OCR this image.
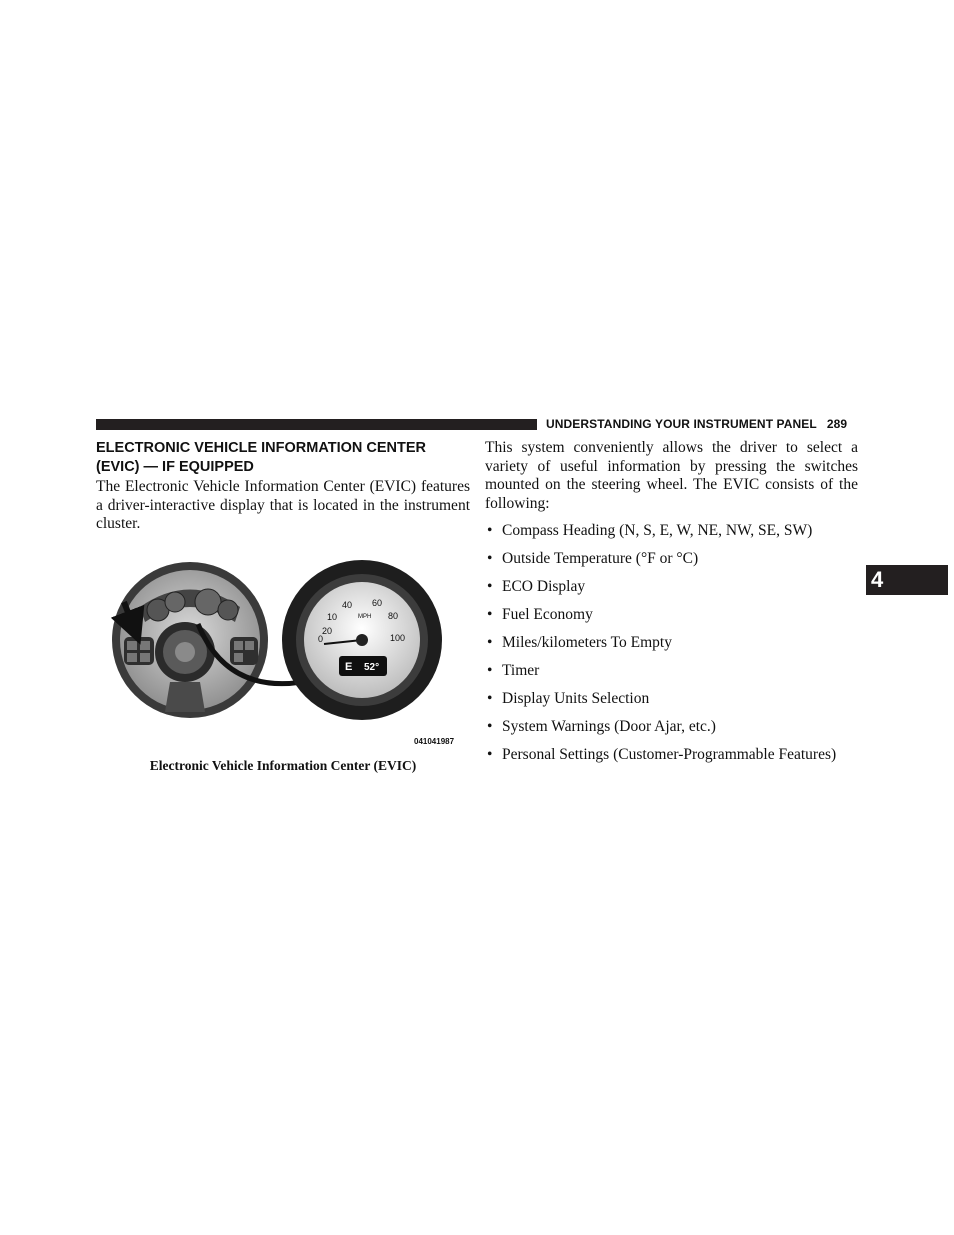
UNDERSTANDING YOUR INSTRUMENT PANEL 289
4
ELECTRONIC VEHICLE INFORMATION CENTER
(EVIC) — IF EQUIPPED

The Electronic Vehicle Information Center (EVIC) features a driver-interactive display that is located in the instrument cluster.

0
10
20
40 60
80
100
MPH
E 52°
041041987
Electronic Vehicle Information Center (EVIC)

This system conveniently allows the driver to select a variety of useful information by pressing the switches mounted on the steering wheel. The EVIC consists of the following:

• Compass Heading (N, S, E, W, NE, NW, SE, SW)
• Outside Temperature (°F or °C)
• ECO Display
• Fuel Economy
• Miles/kilometers To Empty
• Timer
• Display Units Selection
• System Warnings (Door Ajar, etc.)
• Personal Settings (Customer-Programmable Features)
